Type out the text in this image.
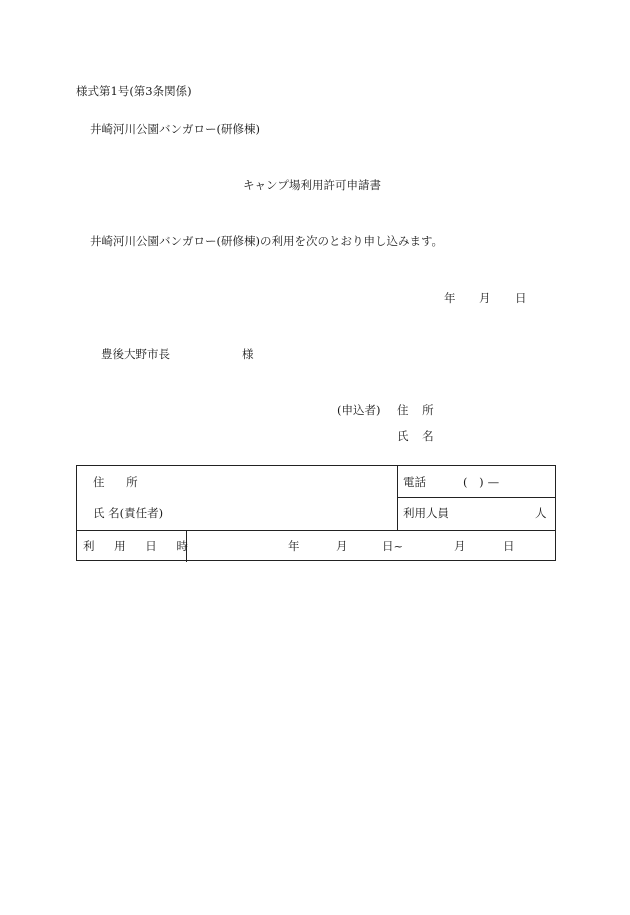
様式第1号(第3条関係)
井崎河川公園バンガロー(研修棟)
キャンプ場利用許可申請書
井崎河川公園バンガロー(研修棟)の利用を次のとおり申し込みます。
年 月 日
豊後大野市長	様
(申込者) 住 所
氏 名
住 所
氏 名(責任者)
電話	( )—
利用人員	人
利 用 日 時	年	月	日~	月	日
